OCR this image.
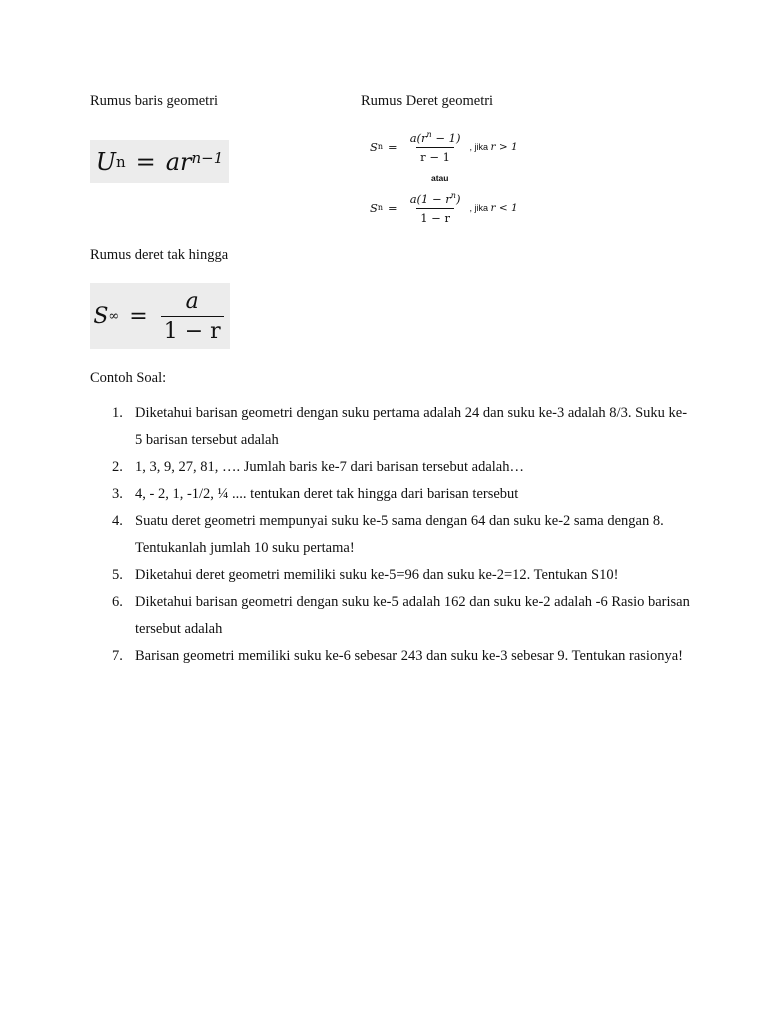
Rumus baris geometri	Rumus Deret geometri
U n = ar $^{n-1}$
S $n = \frac{a(r^n - 1)}{r - 1}$ , jika r > 1
atau
S $n = \frac{a(1 - r^n)}{1 - r}$ , jika r < 1
Rumus deret tak hingga
S ∞ = $\frac{a}{1 - r}$
Contoh Soal:
1. Diketahui barisan geometri dengan suku pertama adalah 24 dan suku ke-3 adalah 8/3. Suku ke- 5 barisan tersebut adalah
2. 1, 3, 9, 27, 81, …. Jumlah baris ke-7 dari barisan tersebut adalah…
3. 4, - 2, 1, -1/2, ¼ .... tentukan deret tak hingga dari barisan tersebut
4. Suatu deret geometri mempunyai suku ke-5 sama dengan 64 dan suku ke-2 sama dengan 8. Tentukanlah jumlah 10 suku pertama!
5. Diketahui deret geometri memiliki suku ke-5=96 dan suku ke-2=12. Tentukan S10!
6. Diketahui barisan geometri dengan suku ke-5 adalah 162 dan suku ke-2 adalah -6 Rasio barisan tersebut adalah
7. Barisan geometri memiliki suku ke-6 sebesar 243 dan suku ke-3 sebesar 9. Tentukan rasionya!
